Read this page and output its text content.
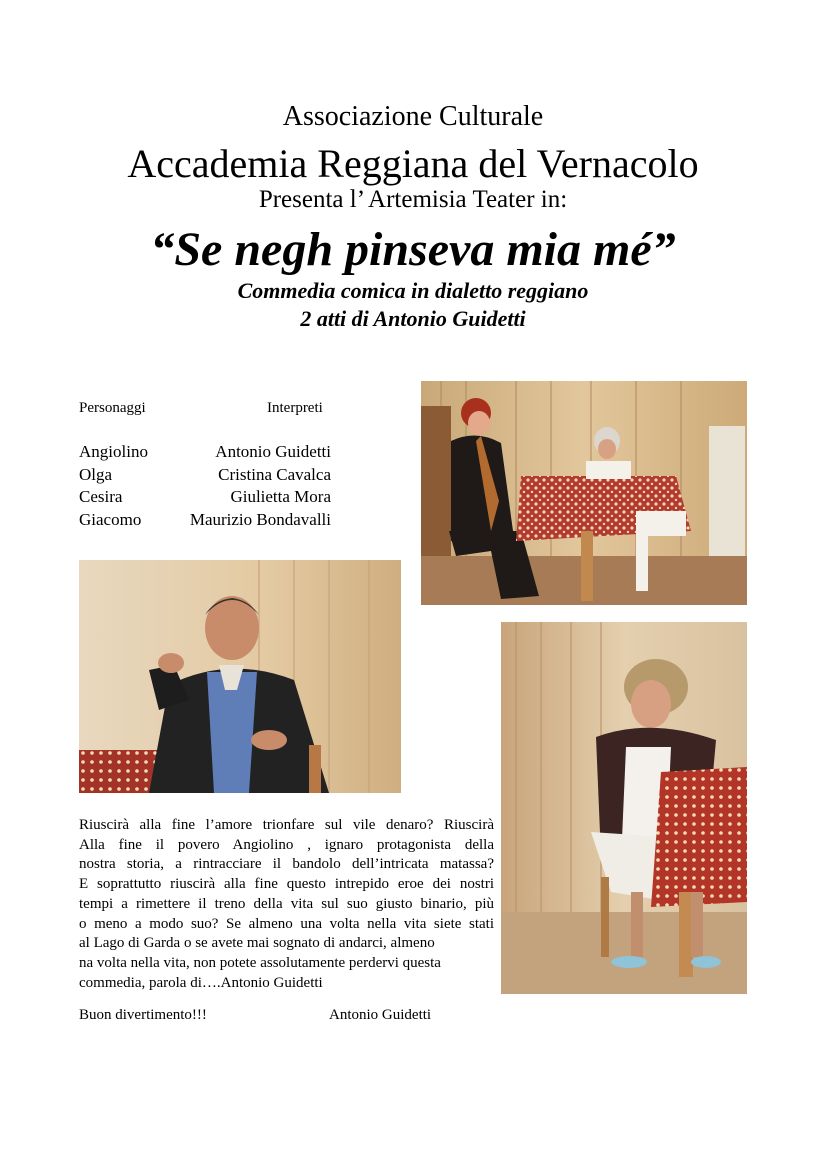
Associazione Culturale
Accademia Reggiana del Vernacolo
Presenta l’ Artemisia Teater in:
“Se negh pinseva mia mé”
Commedia comica in dialetto reggiano
2 atti di Antonio Guidetti
Personaggi	Interpreti
Angiolino	Antonio Guidetti
Olga	Cristina Cavalca
Cesira	Giulietta Mora
Giacomo	Maurizio Bondavalli
Riuscirà alla fine l’amore trionfare sul vile denaro? Riuscirà
Alla fine il povero Angiolino , ignaro protagonista della
nostra storia, a rintracciare il bandolo dell’intricata matassa?
E soprattutto riuscirà alla fine questo intrepido eroe dei nostri
tempi a rimettere il treno della vita sul suo giusto binario, più
o meno a modo suo? Se almeno una volta nella vita siete stati
al Lago di Garda o se avete mai sognato di andarci, almeno
na volta nella vita, non potete assolutamente perdervi questa
commedia, parola di….Antonio Guidetti
Buon divertimento!!!	Antonio Guidetti
